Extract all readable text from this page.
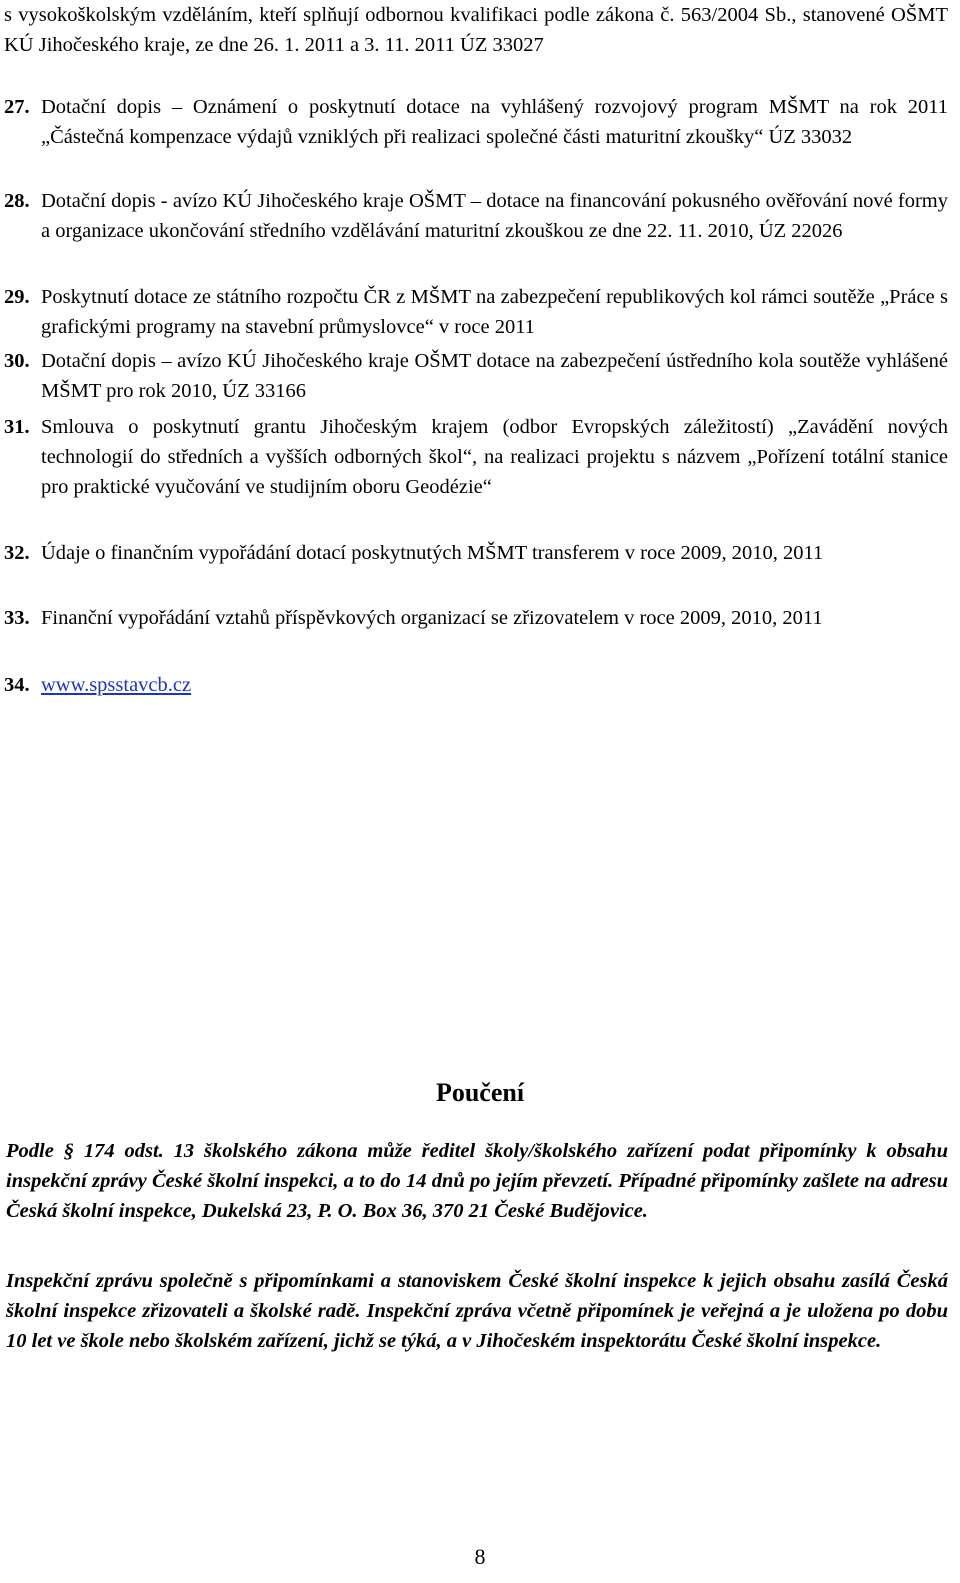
s vysokoškolským vzděláním, kteří splňují odbornou kvalifikaci podle zákona č. 563/2004 Sb., stanovené OŠMT KÚ Jihočeského kraje, ze dne 26. 1. 2011 a 3. 11. 2011 ÚZ 33027
27. Dotační dopis – Oznámení o poskytnutí dotace na vyhlášený rozvojový program MŠMT na rok 2011 „Částečná kompenzace výdajů vzniklých při realizaci společné části maturitní zkoušky“ ÚZ 33032
28. Dotační dopis - avízo KÚ Jihočeského kraje OŠMT – dotace na financování pokusného ověřování nové formy a organizace ukončování středního vzdělávání maturitní zkouškou ze dne 22. 11. 2010, ÚZ 22026
29. Poskytnutí dotace ze státního rozpočtu ČR z MŠMT na zabezpečení republikových kol rámci soutěže „Práce s grafickými programy na stavební průmyslovce“ v roce 2011
30. Dotační dopis – avízo KÚ Jihočeského kraje OŠMT dotace na zabezpečení ústředního kola soutěže vyhlášené MŠMT pro rok 2010, ÚZ 33166
31. Smlouva o poskytnutí grantu Jihočeským krajem (odbor Evropských záležitostí) „Zavádění nových technologií do středních a vyšších odborných škol“, na realizaci projektu s názvem „Pořízení totální stanice pro praktické vyučování ve studijním oboru Geodézie“
32. Údaje o finančním vypořádání dotací poskytnutých MŠMT transferem v roce 2009, 2010, 2011
33. Finanční vypořádání vztahů příspěvkových organizací se zřizovatelem v roce 2009, 2010, 2011
34. www.spsstavcb.cz
Poučení
Podle § 174 odst. 13 školského zákona může ředitel školy/školského zařízení podat připomínky k obsahu inspekční zprávy České školní inspekci, a to do 14 dnů po jejím převzetí. Případné připomínky zašlete na adresu Česká školní inspekce, Dukelská 23, P. O. Box 36, 370 21 České Budějovice.
Inspekční zprávu společně s připomínkami a stanoviskem České školní inspekce k jejich obsahu zasílá Česká školní inspekce zřizovateli a školské radě. Inspekční zpráva včetně připomínek je veřejná a je uložena po dobu 10 let ve škole nebo školském zařízení, jichž se týká, a v Jihočeském inspektorátu České školní inspekce.
8
